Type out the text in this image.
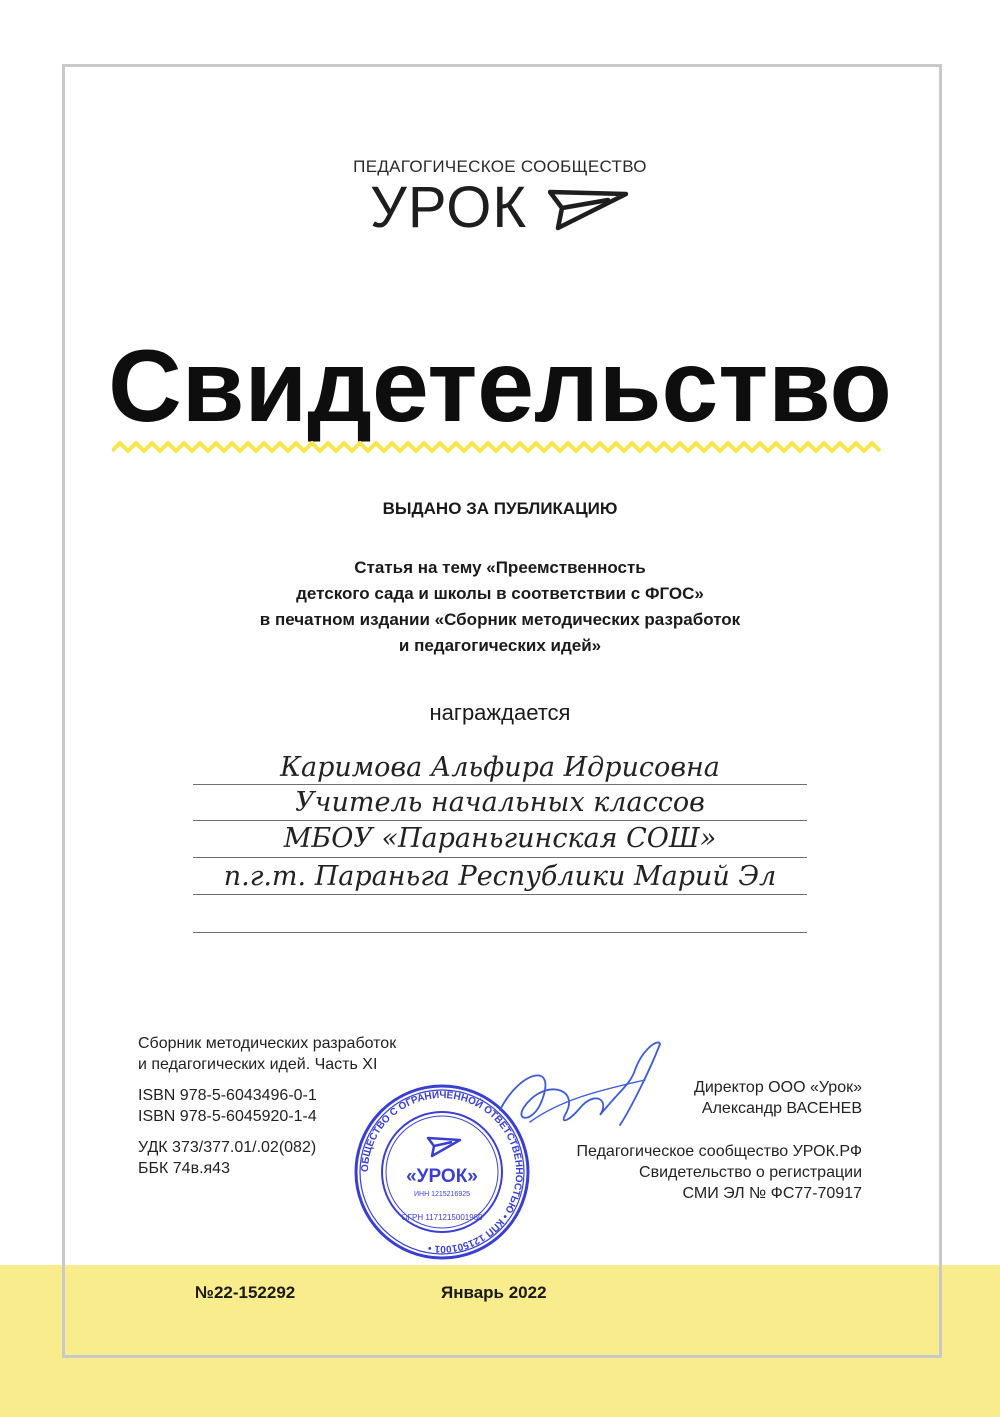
ПЕДАГОГИЧЕСКОЕ СООБЩЕСТВО
УРОК
Свидетельство
ВЫДАНО ЗА ПУБЛИКАЦИЮ
Статья на тему «Преемственность
детского сада и школы в соответствии с ФГОС»
в печатном издании «Сборник методических разработок
и педагогических идей»
награждается
Каримова Альфира Идрисовна
Учитель начальных классов
МБОУ «Параньгинская СОШ»
п.г.т. Параньга Республики Марий Эл
Сборник методических разработок
и педагогических идей. Часть XI
ISBN 978-5-6043496-0-1
ISBN 978-5-6045920-1-4
УДК 373/377.01/.02(082)
ББК 74в.я43
Директор ООО «Урок»
Александр ВАСЕНЕВ
Педагогическое сообщество УРОК.РФ
Свидетельство о регистрации
СМИ ЭЛ № ФС77-70917
ОБЩЕСТВО С ОГРАНИЧЕННОЙ ОТВЕТСТВЕННОСТЬЮ • КПП 121501001 •
«УРОК»
ИНН 1215216925
ОГРН 1171215001980
№22-152292	Январь 2022
